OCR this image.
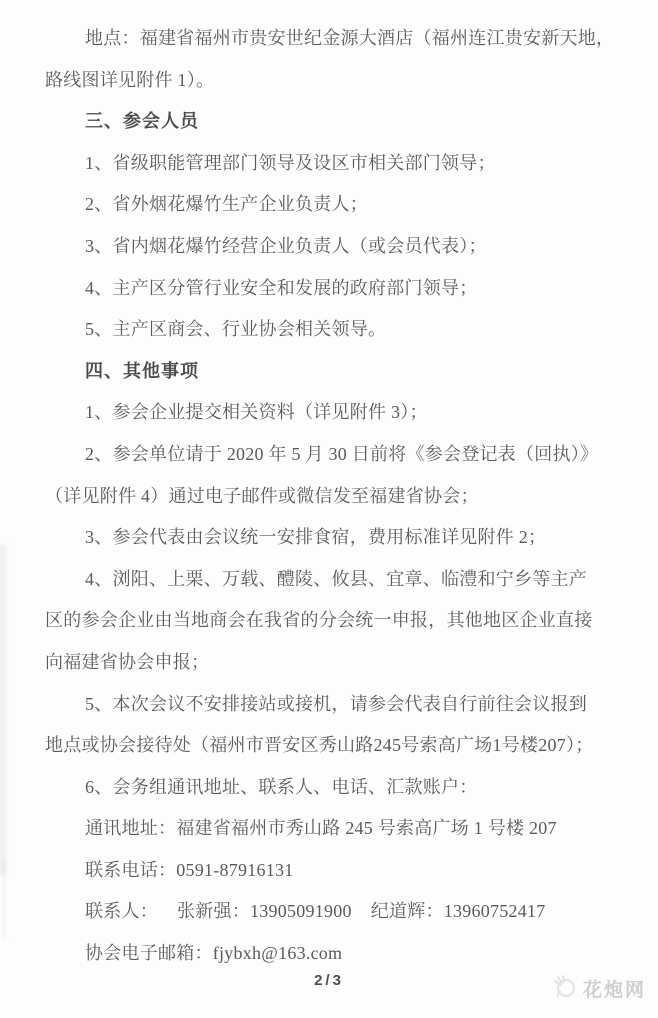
地点：福建省福州市贵安世纪金源大酒店（福州连江贵安新天地，
路线图详见附件 1）。
三、参会人员
1、省级职能管理部门领导及设区市相关部门领导；
2、省外烟花爆竹生产企业负责人；
3、省内烟花爆竹经营企业负责人（或会员代表）；
4、主产区分管行业安全和发展的政府部门领导；
5、主产区商会、行业协会相关领导。
四、其他事项
1、参会企业提交相关资料（详见附件 3）；
2、参会单位请于 2020 年 5 月 30 日前将《参会登记表（回执）》
（详见附件 4）通过电子邮件或微信发至福建省协会；
3、参会代表由会议统一安排食宿，费用标准详见附件 2；
4、浏阳、上栗、万载、醴陵、攸县、宜章、临澧和宁乡等主产
区的参会企业由当地商会在我省的分会统一申报，其他地区企业直接
向福建省协会申报；
5、本次会议不安排接站或接机，请参会代表自行前往会议报到
地点或协会接待处（福州市晋安区秀山路245号索高广场1号楼207）；
6、会务组通讯地址、联系人、电话、汇款账户：
通讯地址：福建省福州市秀山路 245 号索高广场 1 号楼 207
联系电话：0591-87916131
联系人：    张新强：13905091900    纪道辉：13960752417
协会电子邮箱：fjybxh@163.com
2/3	花炮网
